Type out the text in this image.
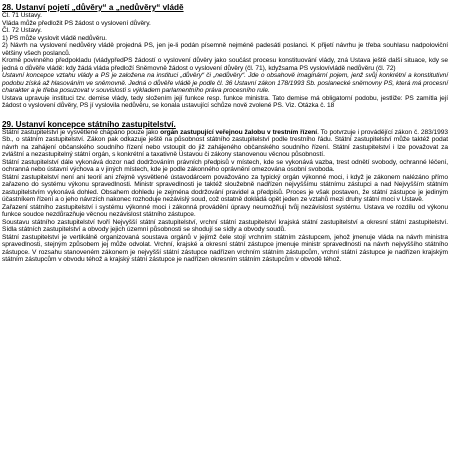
28. Ustanví pojetí „důvěry“ a „nedůvěry“ vládě

Čl. 71 Ustavy.

Vláda může předložit PS žádost o vyslovení důvěry.

Čl. 72 Ustavy.

1) PS může vyslovit vládě nedůvěru.

2) Návrh na vyslovení nedůvěry vládě projedná PS, jen je-li podán písemně nejméně padesáti poslanci. K přijetí návrhu je třeba souhlasu nadpoloviční většiny všech poslanců.

Kromě povinného předpokladu (vládypředPS žádostí o vyslovení důvěry jako součást procesu konstituování vlády, zná Ustava ještě další situace, kdy se jedná o důvěře vládě: kdy žádá vláda předloží Sněmovně žádost o vyslovení důvěry (čl. 71), kdyžsama PS vyslovívládě nedůvěru (čl. 72)

Ustavní koncepce vztahu vlády a PS je založena na instituci „důvěry“ či „nedůvěry“. Jde o obsahově imaginární pojem, jenž svůj konkrétní a konstitutivní podobu získá až hlasováním ve sněmovně. Jedná o důvěře vládě je podle čl. 36 Ustavní zákon 178/1993 Sb. poslanecké sněmovny PS, která má procesní charakter a je třeba posuzovat v souvislosti s výkladem parlamentního práva procesního rule.

Ustava upravuje instituci tzv. demise vlády, tedy složením její funkce resp. funkce ministra. Tato demise má obligatorní podobu, jestliže: PS zamítla její žádost o vyslovení důvěry, PS jí vyslovila nedůvěru, se konala ustavující schůze nově zvolené PS. Viz. Otázka č. 18

29. Ustanví koncepce státního zastupitelství.

Státní zastupitelství je vysvětlené chápáno pouze jako orgán zastupující veřejnou žalobu v trestním řízení. To potvrzuje i provádějící zákon č. 283/1993 Sb., o státním zastupitelství. Zákon pak odkazuje ještě na působnost státního zastupitelství podle trestního řádu. Státní zastupitelství může taktéž podat návrh na zahájení občanského soudního řízení nebo vstoupit do již zahájeného občanského soudního řízení. Státní zastupitelství i lze považovat za zvláštní a nezastupitelný státní orgán, s konkrétní a taxativně Ústavou či zákony stanovenou věcnou působností.

Státní zastupitelství dále vykonává dozor nad dodržováním právních předpisů v místech, kde se vykonává vazba, trest odnětí svobody, ochranné léčení, ochranná nebo ústavní výchova a v jiných místech, kde je podle zákonného oprávnění omezována osobní svoboda.

Státní zastupitelství není ani teorií ani zřejmě vysvětlené ústavodárcem považováno za typický orgán výkonné moci, i když je zákonem nalézáno přímo zařazeno do systému výkonu spravedlnosti. Ministr spravedlnosti je taktéž sloužebně nadřízen nejvyššímu státnímu zástupci a nad Nejvyšším státním zastupitelstvím vykonává dohled. Obsahem dohledu je zejména dodržování pravidel a předpisů. Proces je však postaven, že státní zástupce je jediným účastníkem řízení a o jeho návrzích nakonec rozhoduje nezávislý soud, což ostatně dokládá opět jeden ze vztahů mezi druhy státní moci v Ustavě.

Zařazení státního zastupitelství i systému výkonné moci i zákonná provádění úpravy neumožňují tvůj nezávislost systému. Ustava ve rozdílu od výkonu funkce soudce nezdůrazňuje věcnou nezávislost státního zástupce.

Soustavu státního zastupitelství tvoří Nejvyšší státní zastupitelství, vrchní státní zastupitelství krajská státní zastupitelství a okresní státní zastupitelství. Sídla státních zastupitelství a obvody jejich územní působnosti se shodují se sídly a obvody soudů.

Státní zastupitelství je vertikálně organizovaná soustava orgánů v jejímž čele stojí vrchním státním zástupcem, jehož jmenuje vláda na návrh ministra spravedlnosti, stejným způsobem jej může odvolat. Vrchní, krajské a okresní státní zástupce jmenuje ministr spravedlnosti na návrh nejvyššího státního zástupce. V rozsahu stanoveném zákonem je nejvyšší státní zástupce nadřízen vrchním státním zástupcům, vrchní státní zástupce je nadřízen krajským státním zástupcům v obvodu téhož a krajský státní zástupce je nadřízen okresním státním zástupcům v obvodě téhož.
